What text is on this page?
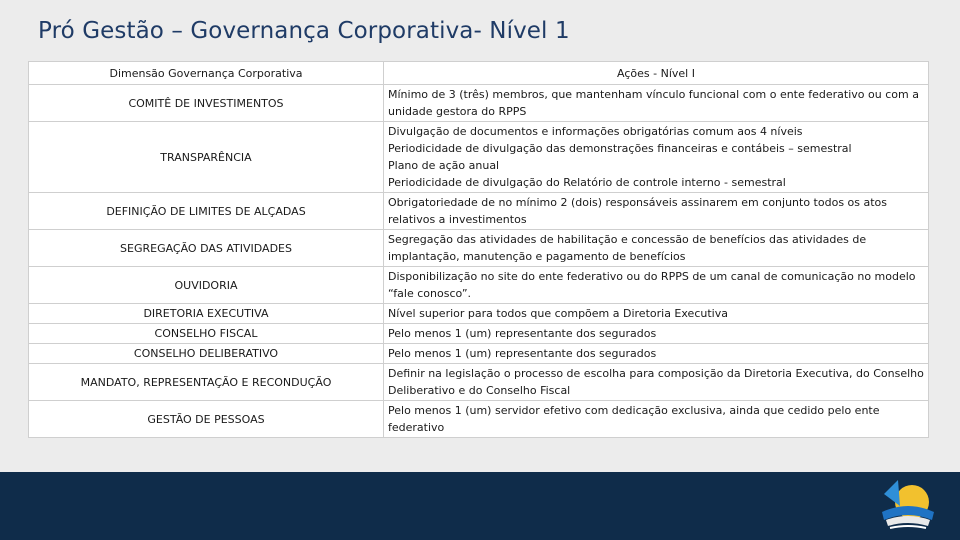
Pró Gestão – Governança Corporativa- Nível 1
Dimensão Governança Corporativa	Ações - Nível I
COMITÊ DE INVESTIMENTOS	Mínimo de 3 (três) membros, que mantenham vínculo funcional com o ente federativo ou com a unidade gestora do RPPS

TRANSPARÊNCIA	Divulgação de documentos e informações obrigatórias comum aos 4 níveis
Periodicidade de divulgação das demonstrações financeiras e contábeis – semestral
Plano de ação anual
Periodicidade de divulgação do Relatório de controle interno - semestral

DEFINIÇÃO DE LIMITES DE ALÇADAS	Obrigatoriedade de no mínimo 2 (dois) responsáveis assinarem em conjunto todos os atos relativos a investimentos

SEGREGAÇÃO DAS ATIVIDADES	Segregação das atividades de habilitação e concessão de benefícios das atividades de implantação, manutenção e pagamento de benefícios

OUVIDORIA	Disponibilização no site do ente federativo ou do RPPS de um canal de comunicação no modelo “fale conosco”.

DIRETORIA EXECUTIVA	Nível superior para todos que compõem a Diretoria Executiva

CONSELHO FISCAL	Pelo menos 1 (um) representante dos segurados

CONSELHO DELIBERATIVO	Pelo menos 1 (um) representante dos segurados

MANDATO, REPRESENTAÇÃO E RECONDUÇÃO	Definir na legislação o processo de escolha para composição da Diretoria Executiva, do Conselho Deliberativo e do Conselho Fiscal

GESTÃO DE PESSOAS	Pelo menos 1 (um) servidor efetivo com dedicação exclusiva, ainda que cedido pelo ente federativo
